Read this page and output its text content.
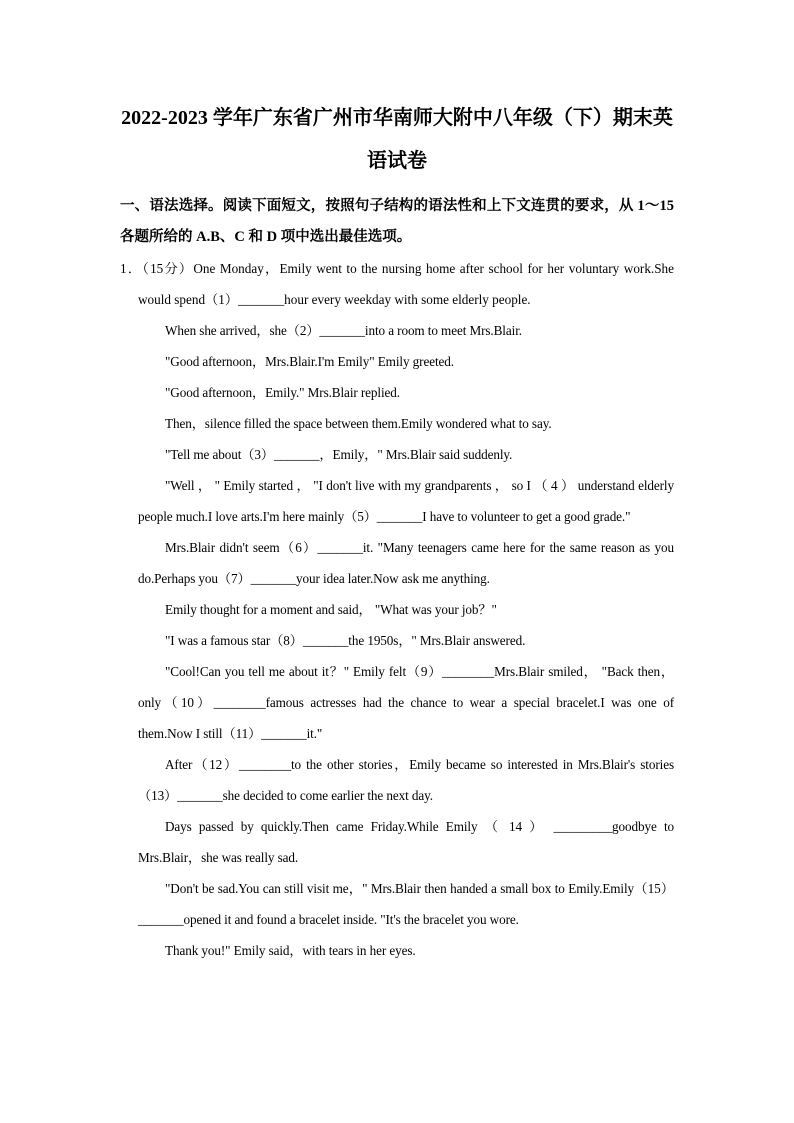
2022-2023 学年广东省广州市华南师大附中八年级（下）期末英
语试卷

一、语法选择。阅读下面短文，按照句子结构的语法性和上下文连贯的要求，从 1～15 各题所给的 A.B、C 和 D 项中选出最佳选项。

1．（15分）One Monday，Emily went to the nursing home after school for her voluntary work.She would spend（1）_______hour every weekday with some elderly people.

When she arrived，she（2）_______into a room to meet Mrs.Blair.

"Good afternoon，Mrs.Blair.I'm Emily" Emily greeted.

"Good afternoon，Emily." Mrs.Blair replied.

Then，silence filled the space between them.Emily wondered what to say.

"Tell me about（3）_______，Emily，" Mrs.Blair said suddenly.

"Well ， " Emily started ， "I don't live with my grandparents ， so I （ 4 ） understand elderly people much.I love arts.I'm here mainly（5）_______I have to volunteer to get a good grade."

Mrs.Blair didn't seem（6）_______it. "Many teenagers came here for the same reason as you do.Perhaps you（7）_______your idea later.Now ask me anything.

Emily thought for a moment and said， "What was your job？"

"I was a famous star（8）_______the 1950s，" Mrs.Blair answered.

"Cool!Can you tell me about it？" Emily felt（9）________Mrs.Blair smiled， "Back then，only（10）________famous actresses had the chance to wear a special bracelet.I was one of them.Now I still（11）_______it."

After（12）________to the other stories，Emily became so interested in Mrs.Blair's stories（13）_______she decided to come earlier the next day.

Days passed by quickly.Then came Friday.While Emily （ 14 ） _________goodbye to Mrs.Blair，she was really sad.

"Don't be sad.You can still visit me，" Mrs.Blair then handed a small box to Emily.Emily（15）_______opened it and found a bracelet inside. "It's the bracelet you wore.

Thank you!" Emily said，with tears in her eyes.
